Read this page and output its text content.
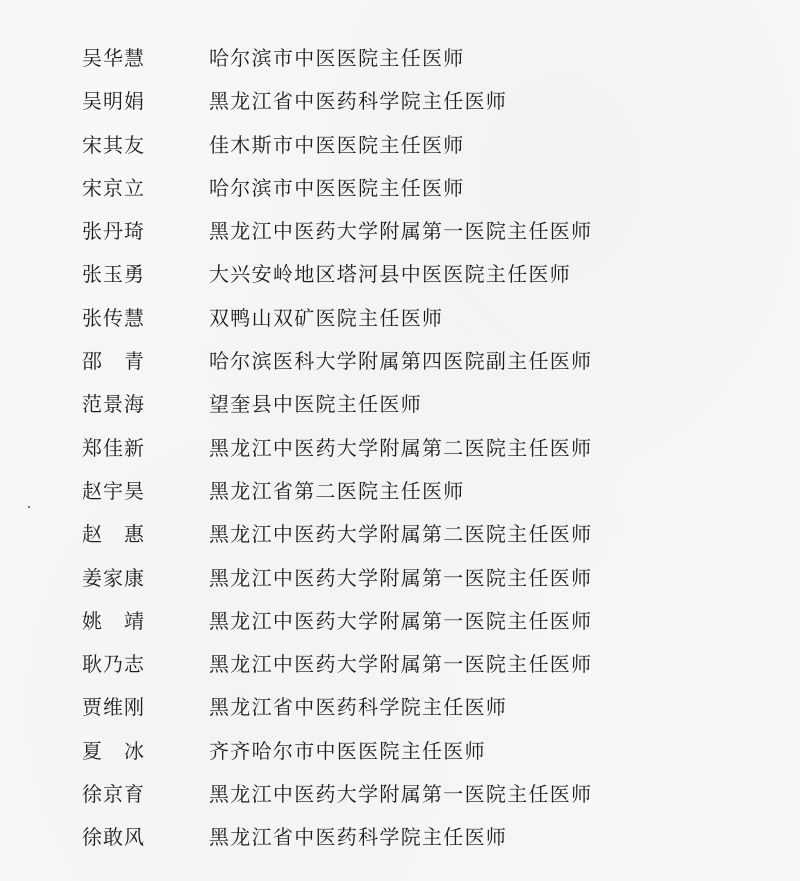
吴华慧	哈尔滨市中医医院主任医师
吴明娟	黑龙江省中医药科学院主任医师
宋其友	佳木斯市中医医院主任医师
宋京立	哈尔滨市中医医院主任医师
张丹琦	黑龙江中医药大学附属第一医院主任医师
张玉勇	大兴安岭地区塔河县中医医院主任医师
张传慧	双鸭山双矿医院主任医师
邵　青	哈尔滨医科大学附属第四医院副主任医师
范景海	望奎县中医院主任医师
郑佳新	黑龙江中医药大学附属第二医院主任医师
赵宇昊	黑龙江省第二医院主任医师
赵　惠	黑龙江中医药大学附属第二医院主任医师
姜家康	黑龙江中医药大学附属第一医院主任医师
姚　靖	黑龙江中医药大学附属第一医院主任医师
耿乃志	黑龙江中医药大学附属第一医院主任医师
贾维刚	黑龙江省中医药科学院主任医师
夏　冰	齐齐哈尔市中医医院主任医师
徐京育	黑龙江中医药大学附属第一医院主任医师
徐敢风	黑龙江省中医药科学院主任医师
